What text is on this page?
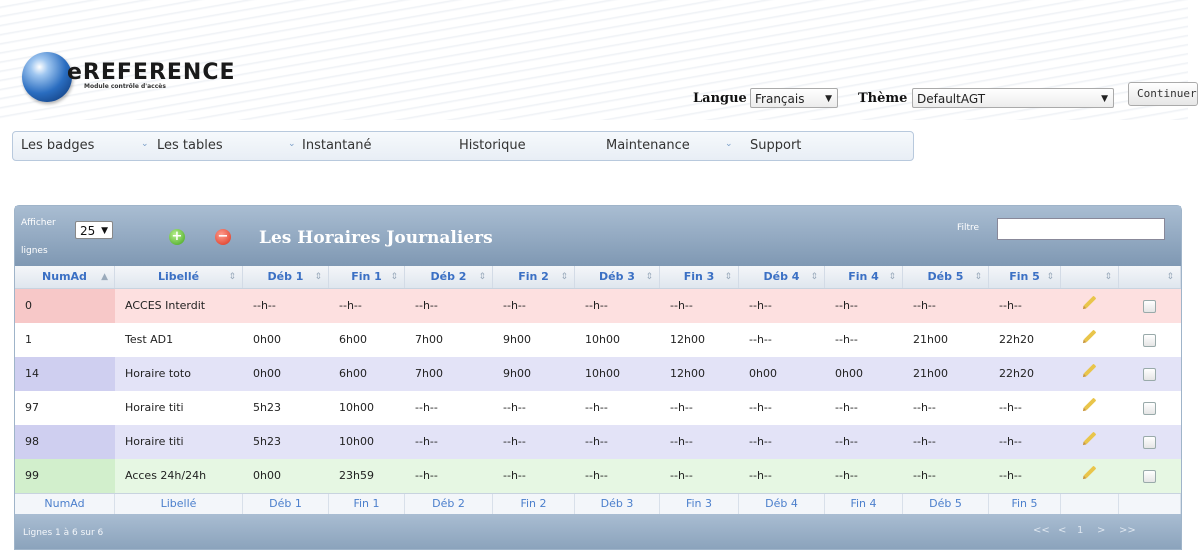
eREFERENCE
Module contrôle d'accès
Langue Français ▼ Thème DefaultAGT	▼	Continuer
Les badges	⌄ Les tables	⌄ Instantané	Historique	Maintenance	⌄ Support
Afficher
lignes
25 ▼	+	− Les Horaires Journaliers	Filtre
NumAd ▲	Libellé	⇕	Déb 1 ⇕	Fin 1 ⇕	Déb 2 ⇕	Fin 2 ⇕	Déb 3 ⇕	Fin 3 ⇕	Déb 4 ⇕	Fin 4 ⇕	Déb 5 ⇕	Fin 5 ⇕	⇕	⇕
0	ACCES Interdit	--h--	--h--	--h--	--h--	--h--	--h--	--h--	--h--	--h--	--h--
1	Test AD1	0h00	6h00	7h00	9h00	10h00	12h00	--h--	--h--	21h00	22h20
14	Horaire toto	0h00	6h00	7h00	9h00	10h00	12h00	0h00	0h00	21h00	22h20
97	Horaire titi	5h23	10h00	--h--	--h--	--h--	--h--	--h--	--h--	--h--	--h--
98	Horaire titi	5h23	10h00	--h--	--h--	--h--	--h--	--h--	--h--	--h--	--h--
99	Acces 24h/24h	0h00	23h59	--h--	--h--	--h--	--h--	--h--	--h--	--h--	--h--
NumAd	Libellé	Déb 1	Fin 1	Déb 2	Fin 2	Déb 3	Fin 3	Déb 4	Fin 4	Déb 5	Fin 5
Lignes 1 à 6 sur 6	<< < 1 > >>
